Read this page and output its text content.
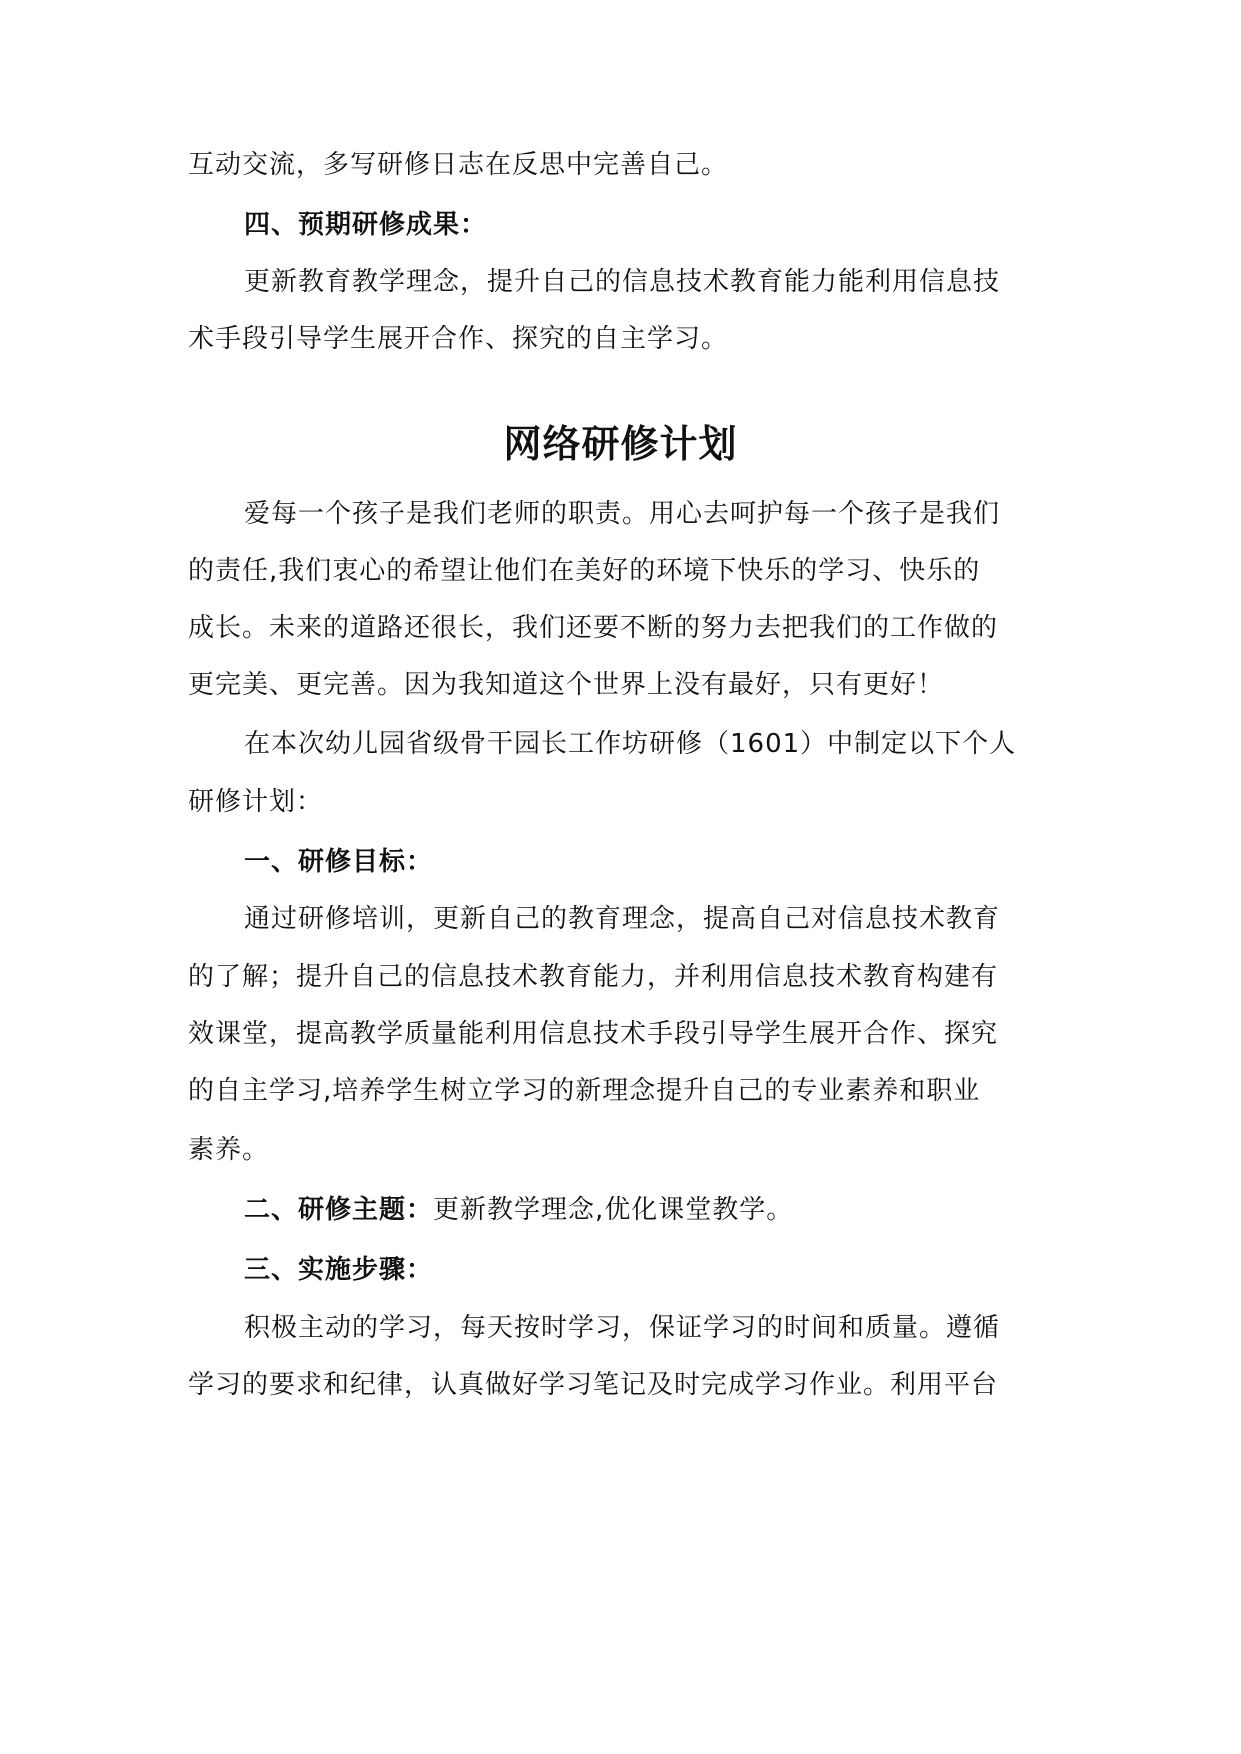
互动交流，多写研修日志在反思中完善自己。
四、预期研修成果：
更新教育教学理念，提升自己的信息技术教育能力能利用信息技
术手段引导学生展开合作、探究的自主学习。
网络研修计划
爱每一个孩子是我们老师的职责。用心去呵护每一个孩子是我们
的责任,我们衷心的希望让他们在美好的环境下快乐的学习、快乐的
成长。未来的道路还很长，我们还要不断的努力去把我们的工作做的
更完美、更完善。因为我知道这个世界上没有最好，只有更好！
在本次幼儿园省级骨干园长工作坊研修（1601）中制定以下个人
研修计划：
一、研修目标：
通过研修培训，更新自己的教育理念，提高自己对信息技术教育
的了解；提升自己的信息技术教育能力，并利用信息技术教育构建有
效课堂，提高教学质量能利用信息技术手段引导学生展开合作、探究
的自主学习,培养学生树立学习的新理念提升自己的专业素养和职业
素养。
二、研修主题：更新教学理念,优化课堂教学。
三、实施步骤：
积极主动的学习，每天按时学习，保证学习的时间和质量。遵循
学习的要求和纪律，认真做好学习笔记及时完成学习作业。利用平台
